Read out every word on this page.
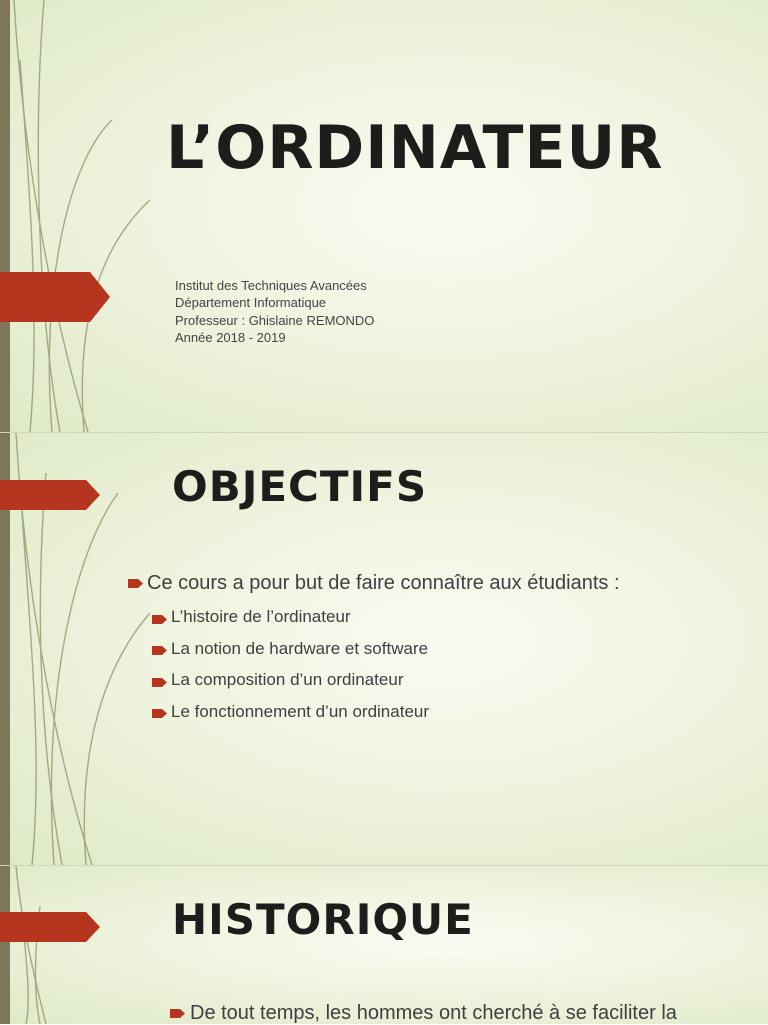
L’ORDINATEUR
Institut des Techniques Avancées
Département Informatique
Professeur : Ghislaine REMONDO
Année 2018 - 2019
OBJECTIFS
Ce cours a pour but de faire connaître aux étudiants :
L’histoire de l’ordinateur
La notion de hardware et software
La composition d’un ordinateur
Le fonctionnement d’un ordinateur
HISTORIQUE
De tout temps, les hommes ont cherché à se faciliter la
